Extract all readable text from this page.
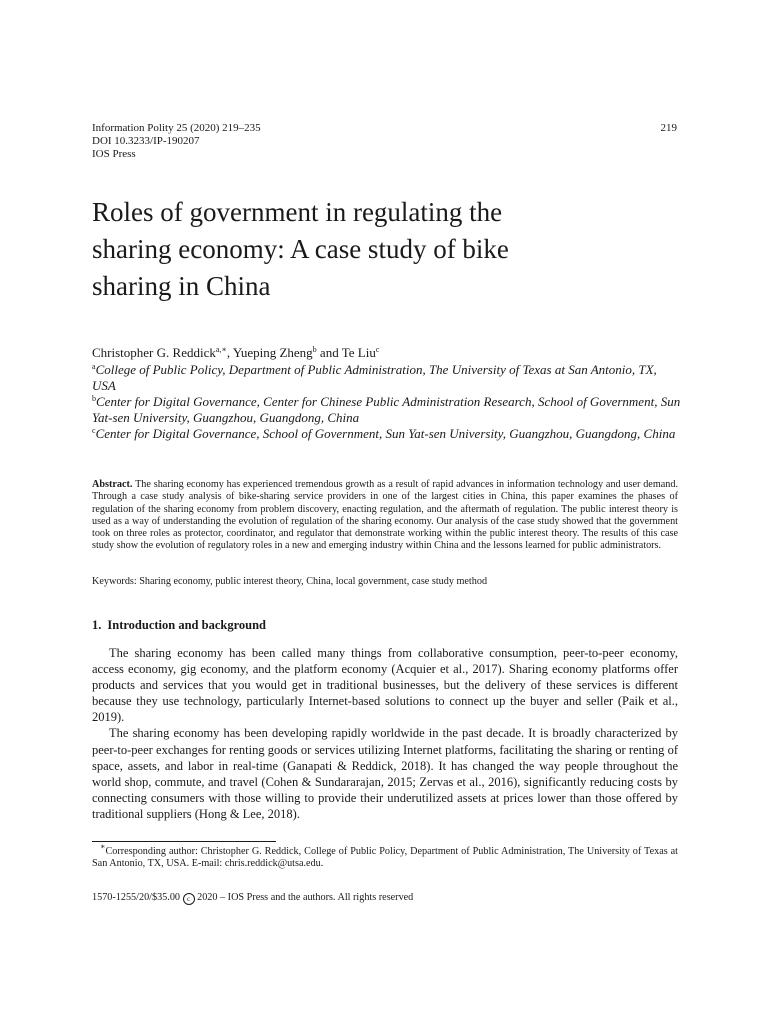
Information Polity 25 (2020) 219–235
DOI 10.3233/IP-190207
IOS Press
219
Roles of government in regulating the
sharing economy: A case study of bike
sharing in China
Christopher G. Reddick$^{a,∗}$, Yueping Zheng$^b$ and Te Liu$^c$
$^a$College of Public Policy, Department of Public Administration, The University of Texas at San Antonio, TX, USA
$^b$Center for Digital Governance, Center for Chinese Public Administration Research, School of Government, Sun Yat-sen University, Guangzhou, Guangdong, China
$^c$Center for Digital Governance, School of Government, Sun Yat-sen University, Guangzhou, Guangdong, China

Abstract. The sharing economy has experienced tremendous growth as a result of rapid advances in information technology and user demand. Through a case study analysis of bike-sharing service providers in one of the largest cities in China, this paper examines the phases of regulation of the sharing economy from problem discovery, enacting regulation, and the aftermath of regulation. The public interest theory is used as a way of understanding the evolution of regulation of the sharing economy. Our analysis of the case study showed that the government took on three roles as protector, coordinator, and regulator that demonstrate working within the public interest theory. The results of this case study show the evolution of regulatory roles in a new and emerging industry within China and the lessons learned for public administrators.

Keywords: Sharing economy, public interest theory, China, local government, case study method

1. Introduction and background

The sharing economy has been called many things from collaborative consumption, peer-to-peer economy, access economy, gig economy, and the platform economy (Acquier et al., 2017). Sharing economy platforms offer products and services that you would get in traditional businesses, but the delivery of these services is different because they use technology, particularly Internet-based solutions to connect up the buyer and seller (Paik et al., 2019).

The sharing economy has been developing rapidly worldwide in the past decade. It is broadly characterized by peer-to-peer exchanges for renting goods or services utilizing Internet platforms, facilitating the sharing or renting of space, assets, and labor in real-time (Ganapati & Reddick, 2018). It has changed the way people throughout the world shop, commute, and travel (Cohen & Sundararajan, 2015; Zervas et al., 2016), significantly reducing costs by connecting consumers with those willing to provide their underutilized assets at prices lower than those offered by traditional suppliers (Hong & Lee, 2018).

∗Corresponding author: Christopher G. Reddick, College of Public Policy, Department of Public Administration, The University of Texas at San Antonio, TX, USA. E-mail: chris.reddick@utsa.edu.

1570-1255/20/$35.00 c 2020 – IOS Press and the authors. All rights reserved
